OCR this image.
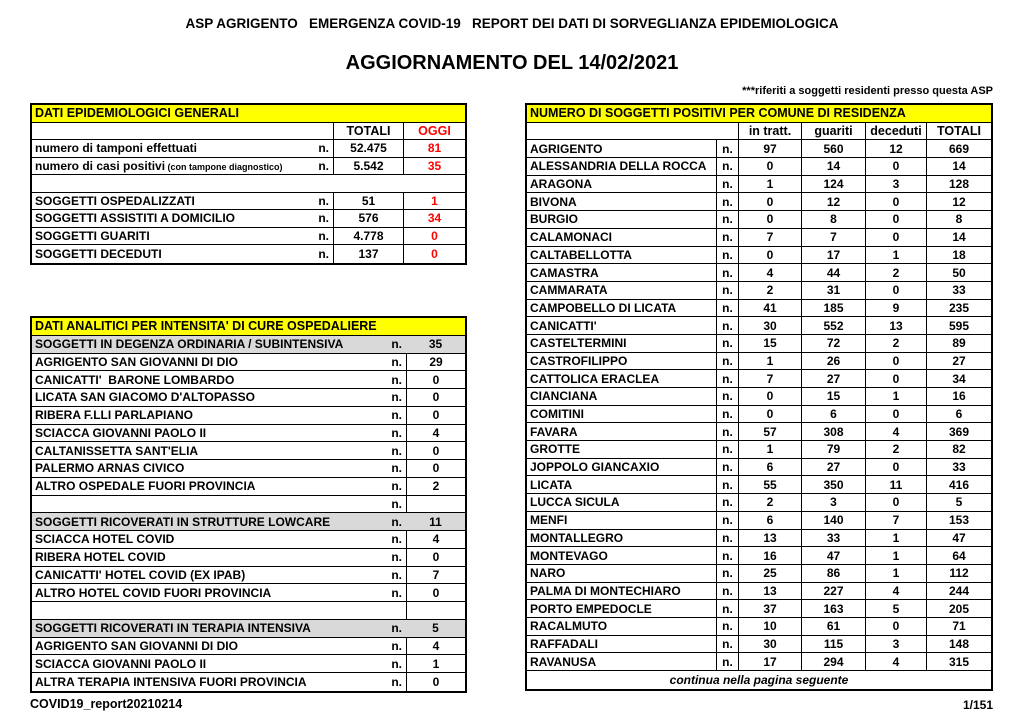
ASP AGRIGENTO   EMERGENZA COVID-19   REPORT DEI DATI DI SORVEGLIANZA EPIDEMIOLOGICA
AGGIORNAMENTO DEL 14/02/2021
***riferiti a soggetti residenti presso questa ASP
DATI EPIDEMIOLOGICI GENERALI
TOTALI	OGGI
numero di tamponi effettuati	n.	52.475	81
numero di casi positivi (con tampone diagnostico)	n.	5.542	35
SOGGETTI OSPEDALIZZATI	n.	51	1
SOGGETTI ASSISTITI A DOMICILIO	n.	576	34
SOGGETTI GUARITI	n.	4.778	0
SOGGETTI DECEDUTI	n.	137	0
DATI ANALITICI PER INTENSITA' DI CURE OSPEDALIERE
SOGGETTI IN DEGENZA ORDINARIA / SUBINTENSIVA	n.	35
AGRIGENTO SAN GIOVANNI DI DIO	n.	29
CANICATTI'  BARONE LOMBARDO	n.	0
LICATA SAN GIACOMO D'ALTOPASSO	n.	0
RIBERA F.LLI PARLAPIANO	n.	0
SCIACCA GIOVANNI PAOLO II	n.	4
CALTANISSETTA SANT'ELIA	n.	0
PALERMO ARNAS CIVICO	n.	0
ALTRO OSPEDALE FUORI PROVINCIA	n.	2
n.
SOGGETTI RICOVERATI IN STRUTTURE LOWCARE	n.	11
SCIACCA HOTEL COVID	n.	4
RIBERA HOTEL COVID	n.	0
CANICATTI' HOTEL COVID (EX IPAB)	n.	7
ALTRO HOTEL COVID FUORI PROVINCIA	n.	0
SOGGETTI RICOVERATI IN TERAPIA INTENSIVA	n.	5
AGRIGENTO SAN GIOVANNI DI DIO	n.	4
SCIACCA GIOVANNI PAOLO II	n.	1
ALTRA TERAPIA INTENSIVA FUORI PROVINCIA	n.	0
NUMERO DI SOGGETTI POSITIVI PER COMUNE DI RESIDENZA
in tratt.	guariti	deceduti	TOTALI
AGRIGENTO	n.	97	560	12	669
ALESSANDRIA DELLA ROCCA	n.	0	14	0	14
ARAGONA	n.	1	124	3	128
BIVONA	n.	0	12	0	12
BURGIO	n.	0	8	0	8
CALAMONACI	n.	7	7	0	14
CALTABELLOTTA	n.	0	17	1	18
CAMASTRA	n.	4	44	2	50
CAMMARATA	n.	2	31	0	33
CAMPOBELLO DI LICATA	n.	41	185	9	235
CANICATTI'	n.	30	552	13	595
CASTELTERMINI	n.	15	72	2	89
CASTROFILIPPO	n.	1	26	0	27
CATTOLICA ERACLEA	n.	7	27	0	34
CIANCIANA	n.	0	15	1	16
COMITINI	n.	0	6	0	6
FAVARA	n.	57	308	4	369
GROTTE	n.	1	79	2	82
JOPPOLO GIANCAXIO	n.	6	27	0	33
LICATA	n.	55	350	11	416
LUCCA SICULA	n.	2	3	0	5
MENFI	n.	6	140	7	153
MONTALLEGRO	n.	13	33	1	47
MONTEVAGO	n.	16	47	1	64
NARO	n.	25	86	1	112
PALMA DI MONTECHIARO	n.	13	227	4	244
PORTO EMPEDOCLE	n.	37	163	5	205
RACALMUTO	n.	10	61	0	71
RAFFADALI	n.	30	115	3	148
RAVANUSA	n.	17	294	4	315
continua nella pagina seguente
COVID19_report20210214	1/151
